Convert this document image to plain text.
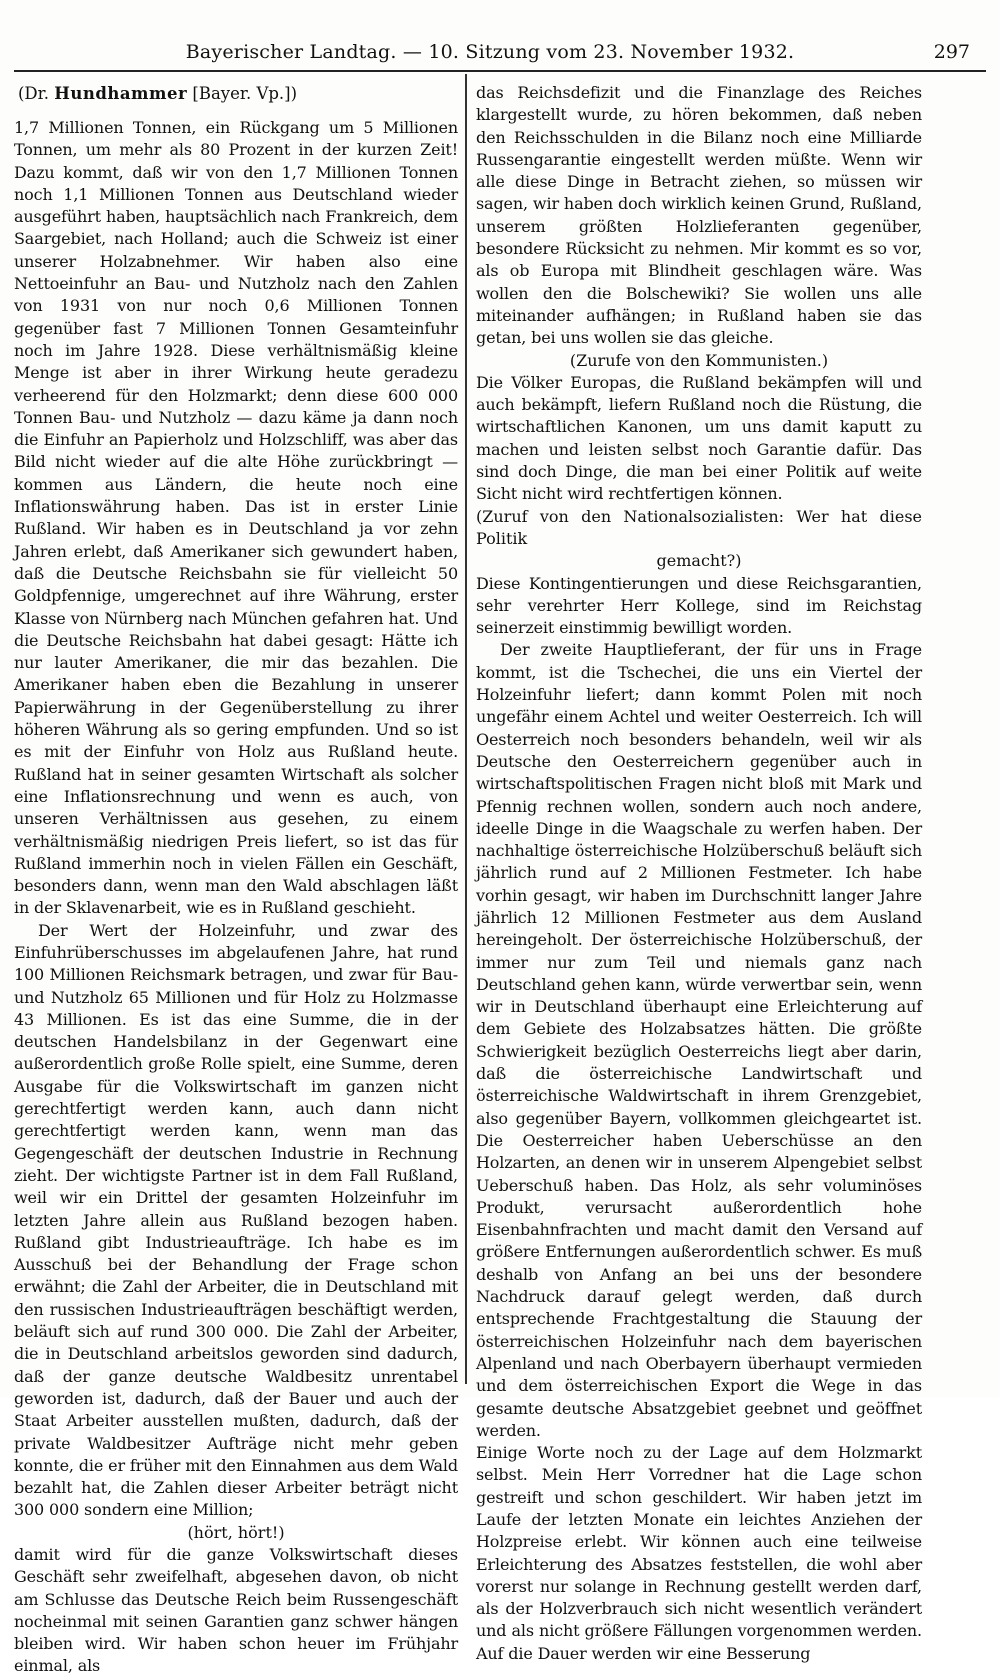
Bayerischer Landtag. — 10. Sitzung vom 23. November 1932.	297

(Dr. Hundhammer [Bayer. Vp.])

1,7 Millionen Tonnen, ein Rückgang um 5 Millionen Tonnen, um mehr als 80 Prozent in der kurzen Zeit! Dazu kommt, daß wir von den 1,7 Millionen Tonnen noch 1,1 Millionen Tonnen aus Deutschland wieder ausgeführt haben, hauptsächlich nach Frankreich, dem Saargebiet, nach Holland; auch die Schweiz ist einer unserer Holzabnehmer. Wir haben also eine Nettoeinfuhr an Bau- und Nutzholz nach den Zahlen von 1931 von nur noch 0,6 Millionen Tonnen gegenüber fast 7 Millionen Tonnen Gesamteinfuhr noch im Jahre 1928. Diese verhältnismäßig kleine Menge ist aber in ihrer Wirkung heute geradezu verheerend für den Holzmarkt; denn diese 600 000 Tonnen Bau- und Nutzholz — dazu käme ja dann noch die Einfuhr an Papierholz und Holzschliff, was aber das Bild nicht wieder auf die alte Höhe zurückbringt — kommen aus Ländern, die heute noch eine Inflationswährung haben. Das ist in erster Linie Rußland. Wir haben es in Deutschland ja vor zehn Jahren erlebt, daß Amerikaner sich gewundert haben, daß die Deutsche Reichsbahn sie für vielleicht 50 Goldpfennige, umgerechnet auf ihre Währung, erster Klasse von Nürnberg nach München gefahren hat. Und die Deutsche Reichsbahn hat dabei gesagt: Hätte ich nur lauter Amerikaner, die mir das bezahlen. Die Amerikaner haben eben die Bezahlung in unserer Papierwährung in der Gegenüberstellung zu ihrer höheren Währung als so gering empfunden. Und so ist es mit der Einfuhr von Holz aus Rußland heute. Rußland hat in seiner gesamten Wirtschaft als solcher eine Inflationsrechnung und wenn es auch, von unseren Verhältnissen aus gesehen, zu einem verhältnismäßig niedrigen Preis liefert, so ist das für Rußland immerhin noch in vielen Fällen ein Geschäft, besonders dann, wenn man den Wald abschlagen läßt in der Sklavenarbeit, wie es in Rußland geschieht.

Der Wert der Holzeinfuhr, und zwar des Einfuhrüberschusses im abgelaufenen Jahre, hat rund 100 Millionen Reichsmark betragen, und zwar für Bau- und Nutzholz 65 Millionen und für Holz zu Holzmasse 43 Millionen. Es ist das eine Summe, die in der deutschen Handelsbilanz in der Gegenwart eine außerordentlich große Rolle spielt, eine Summe, deren Ausgabe für die Volkswirtschaft im ganzen nicht gerechtfertigt werden kann, auch dann nicht gerechtfertigt werden kann, wenn man das Gegengeschäft der deutschen Industrie in Rechnung zieht. Der wichtigste Partner ist in dem Fall Rußland, weil wir ein Drittel der gesamten Holzeinfuhr im letzten Jahre allein aus Rußland bezogen haben. Rußland gibt Industrieaufträge. Ich habe es im Ausschuß bei der Behandlung der Frage schon erwähnt; die Zahl der Arbeiter, die in Deutschland mit den russischen Industrieaufträgen beschäftigt werden, beläuft sich auf rund 300 000. Die Zahl der Arbeiter, die in Deutschland arbeitslos geworden sind dadurch, daß der ganze deutsche Waldbesitz unrentabel geworden ist, dadurch, daß der Bauer und auch der Staat Arbeiter ausstellen mußten, dadurch, daß der private Waldbesitzer Aufträge nicht mehr geben konnte, die er früher mit den Einnahmen aus dem Wald bezahlt hat, die Zahlen dieser Arbeiter beträgt nicht 300 000 sondern eine Million;

(hört, hört!)

damit wird für die ganze Volkswirtschaft dieses Geschäft sehr zweifelhaft, abgesehen davon, ob nicht am Schlusse das Deutsche Reich beim Russengeschäft nocheinmal mit seinen Garantien ganz schwer hängen bleiben wird. Wir haben schon heuer im Frühjahr einmal, als

das Reichsdefizit und die Finanzlage des Reiches klargestellt wurde, zu hören bekommen, daß neben den Reichsschulden in die Bilanz noch eine Milliarde Russengarantie eingestellt werden müßte. Wenn wir alle diese Dinge in Betracht ziehen, so müssen wir sagen, wir haben doch wirklich keinen Grund, Rußland, unserem größten Holzlieferanten gegenüber, besondere Rücksicht zu nehmen. Mir kommt es so vor, als ob Europa mit Blindheit geschlagen wäre. Was wollen den die Bolschewiki? Sie wollen uns alle miteinander aufhängen; in Rußland haben sie das getan, bei uns wollen sie das gleiche.

(Zurufe von den Kommunisten.)

Die Völker Europas, die Rußland bekämpfen will und auch bekämpft, liefern Rußland noch die Rüstung, die wirtschaftlichen Kanonen, um uns damit kaputt zu machen und leisten selbst noch Garantie dafür. Das sind doch Dinge, die man bei einer Politik auf weite Sicht nicht wird rechtfertigen können.

(Zuruf von den Nationalsozialisten: Wer hat diese Politik

gemacht?)

Diese Kontingentierungen und diese Reichsgarantien, sehr verehrter Herr Kollege, sind im Reichstag seinerzeit einstimmig bewilligt worden.

Der zweite Hauptlieferant, der für uns in Frage kommt, ist die Tschechei, die uns ein Viertel der Holzeinfuhr liefert; dann kommt Polen mit noch ungefähr einem Achtel und weiter Oesterreich. Ich will Oesterreich noch besonders behandeln, weil wir als Deutsche den Oesterreichern gegenüber auch in wirtschaftspolitischen Fragen nicht bloß mit Mark und Pfennig rechnen wollen, sondern auch noch andere, ideelle Dinge in die Waagschale zu werfen haben. Der nachhaltige österreichische Holzüberschuß beläuft sich jährlich rund auf 2 Millionen Festmeter. Ich habe vorhin gesagt, wir haben im Durchschnitt langer Jahre jährlich 12 Millionen Festmeter aus dem Ausland hereingeholt. Der österreichische Holzüberschuß, der immer nur zum Teil und niemals ganz nach Deutschland gehen kann, würde verwertbar sein, wenn wir in Deutschland überhaupt eine Erleichterung auf dem Gebiete des Holzabsatzes hätten. Die größte Schwierigkeit bezüglich Oesterreichs liegt aber darin, daß die österreichische Landwirtschaft und österreichische Waldwirtschaft in ihrem Grenzgebiet, also gegenüber Bayern, vollkommen gleichgeartet ist. Die Oesterreicher haben Ueberschüsse an den Holzarten, an denen wir in unserem Alpengebiet selbst Ueberschuß haben. Das Holz, als sehr voluminöses Produkt, verursacht außerordentlich hohe Eisenbahnfrachten und macht damit den Versand auf größere Entfernungen außerordentlich schwer. Es muß deshalb von Anfang an bei uns der besondere Nachdruck darauf gelegt werden, daß durch entsprechende Frachtgestaltung die Stauung der österreichischen Holzeinfuhr nach dem bayerischen Alpenland und nach Oberbayern überhaupt vermieden und dem österreichischen Export die Wege in das gesamte deutsche Absatzgebiet geebnet und geöffnet werden.

Einige Worte noch zu der Lage auf dem Holzmarkt selbst. Mein Herr Vorredner hat die Lage schon gestreift und schon geschildert. Wir haben jetzt im Laufe der letzten Monate ein leichtes Anziehen der Holzpreise erlebt. Wir können auch eine teilweise Erleichterung des Absatzes feststellen, die wohl aber vorerst nur solange in Rechnung gestellt werden darf, als der Holzverbrauch sich nicht wesentlich verändert und als nicht größere Fällungen vorgenommen werden. Auf die Dauer werden wir eine Besserung
